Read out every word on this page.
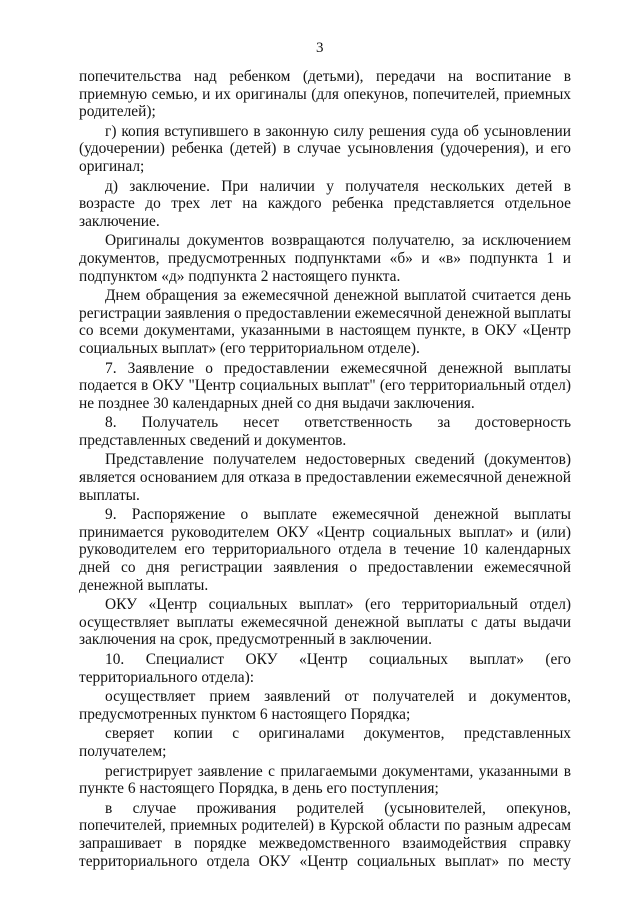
3

попечительства над ребенком (детьми), передачи на воспитание в приемную семью, и их оригиналы (для опекунов, попечителей, приемных родителей);

г) копия вступившего в законную силу решения суда об усыновлении (удочерении) ребенка (детей) в случае усыновления (удочерения), и его оригинал;

д) заключение. При наличии у получателя нескольких детей в возрасте до трех лет на каждого ребенка представляется отдельное заключение.

Оригиналы документов возвращаются получателю, за исключением документов, предусмотренных подпунктами «б» и «в» подпункта 1 и подпунктом «д» подпункта 2 настоящего пункта.

Днем обращения за ежемесячной денежной выплатой считается день регистрации заявления о предоставлении ежемесячной денежной выплаты со всеми документами, указанными в настоящем пункте, в ОКУ «Центр социальных выплат» (его территориальном отделе).

7. Заявление о предоставлении ежемесячной денежной выплаты подается в ОКУ "Центр социальных выплат" (его территориальный отдел) не позднее 30 календарных дней со дня выдачи заключения.

8. Получатель несет ответственность за достоверность представленных сведений и документов.

Представление получателем недостоверных сведений (документов) является основанием для отказа в предоставлении ежемесячной денежной выплаты.

9. Распоряжение о выплате ежемесячной денежной выплаты принимается руководителем ОКУ «Центр социальных выплат» и (или) руководителем его территориального отдела в течение 10 календарных дней со дня регистрации заявления о предоставлении ежемесячной денежной выплаты.

ОКУ «Центр социальных выплат» (его территориальный отдел) осуществляет выплаты ежемесячной денежной выплаты с даты выдачи заключения на срок, предусмотренный в заключении.

10. Специалист ОКУ «Центр социальных выплат» (его территориального отдела):

осуществляет прием заявлений от получателей и документов, предусмотренных пунктом 6 настоящего Порядка;

сверяет копии с оригиналами документов, представленных получателем;

регистрирует заявление с прилагаемыми документами, указанными в пункте 6 настоящего Порядка, в день его поступления;

в случае проживания родителей (усыновителей, опекунов, попечителей, приемных родителей) в Курской области по разным адресам запрашивает в порядке межведомственного взаимодействия справку территориального отдела ОКУ «Центр социальных выплат» по месту
